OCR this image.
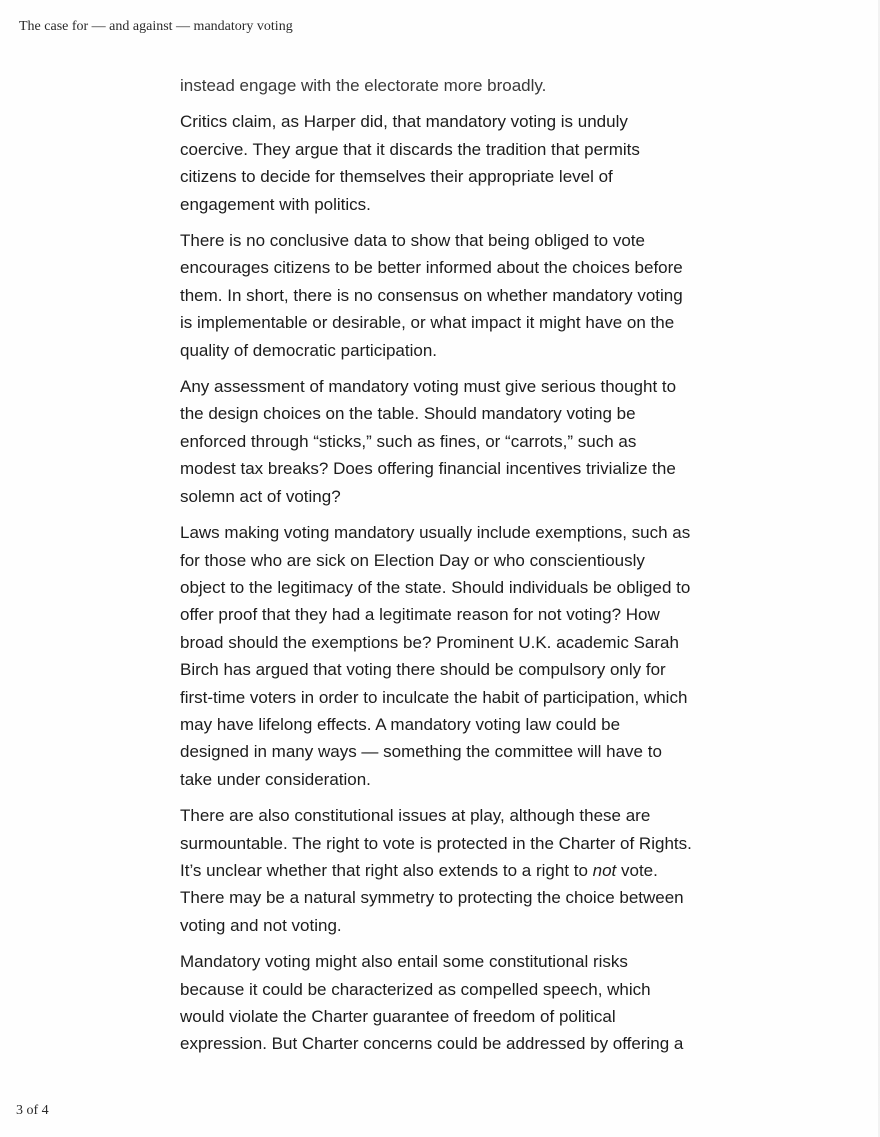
The case for — and against — mandatory voting

instead engage with the electorate more broadly.

Critics claim, as Harper did, that mandatory voting is unduly coercive. They argue that it discards the tradition that permits citizens to decide for themselves their appropriate level of engagement with politics.

There is no conclusive data to show that being obliged to vote encourages citizens to be better informed about the choices before them. In short, there is no consensus on whether mandatory voting is implementable or desirable, or what impact it might have on the quality of democratic participation.

Any assessment of mandatory voting must give serious thought to the design choices on the table. Should mandatory voting be enforced through “sticks,” such as fines, or “carrots,” such as modest tax breaks? Does offering financial incentives trivialize the solemn act of voting?

Laws making voting mandatory usually include exemptions, such as for those who are sick on Election Day or who conscientiously object to the legitimacy of the state. Should individuals be obliged to offer proof that they had a legitimate reason for not voting? How broad should the exemptions be? Prominent U.K. academic Sarah Birch has argued that voting there should be compulsory only for first-time voters in order to inculcate the habit of participation, which may have lifelong effects. A mandatory voting law could be designed in many ways — something the committee will have to take under consideration.

There are also constitutional issues at play, although these are surmountable. The right to vote is protected in the Charter of Rights. It’s unclear whether that right also extends to a right to not vote. There may be a natural symmetry to protecting the choice between voting and not voting.

Mandatory voting might also entail some constitutional risks because it could be characterized as compelled speech, which would violate the Charter guarantee of freedom of political expression. But Charter concerns could be addressed by offering a

3 of 4
